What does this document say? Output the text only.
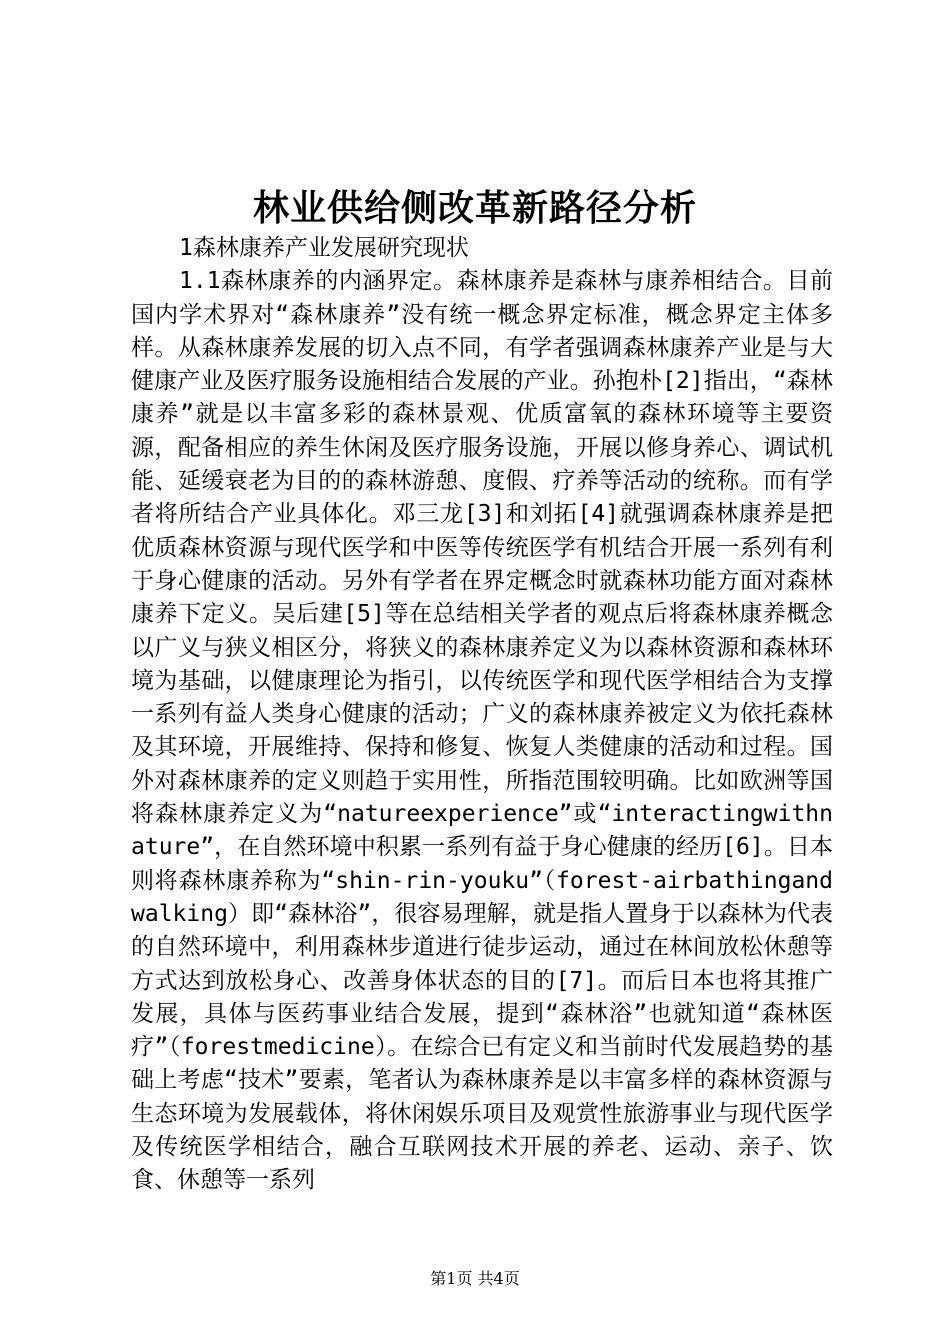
林业供给侧改革新路径分析

1森林康养产业发展研究现状

1.1森林康养的内涵界定。森林康养是森林与康养相结合。目前国内学术界对“森林康养”没有统一概念界定标准，概念界定主体多样。从森林康养发展的切入点不同，有学者强调森林康养产业是与大健康产业及医疗服务设施相结合发展的产业。孙抱朴[2]指出，“森林康养”就是以丰富多彩的森林景观、优质富氧的森林环境等主要资源，配备相应的养生休闲及医疗服务设施，开展以修身养心、调试机能、延缓衰老为目的的森林游憩、度假、疗养等活动的统称。而有学者将所结合产业具体化。邓三龙[3]和刘拓[4]就强调森林康养是把优质森林资源与现代医学和中医等传统医学有机结合开展一系列有利于身心健康的活动。另外有学者在界定概念时就森林功能方面对森林康养下定义。吴后建[5]等在总结相关学者的观点后将森林康养概念以广义与狭义相区分，将狭义的森林康养定义为以森林资源和森林环境为基础，以健康理论为指引，以传统医学和现代医学相结合为支撑一系列有益人类身心健康的活动；广义的森林康养被定义为依托森林及其环境，开展维持、保持和修复、恢复人类健康的活动和过程。国外对森林康养的定义则趋于实用性，所指范围较明确。比如欧洲等国将森林康养定义为“natureexperience”或“interactingwithnature”，在自然环境中积累一系列有益于身心健康的经历[6]。日本则将森林康养称为“shin-rin-youku”（forest-airbathingandwalking）即“森林浴”，很容易理解，就是指人置身于以森林为代表的自然环境中，利用森林步道进行徒步运动，通过在林间放松休憩等方式达到放松身心、改善身体状态的目的[7]。而后日本也将其推广发展，具体与医药事业结合发展，提到“森林浴”也就知道“森林医疗”（forestmedicine）。在综合已有定义和当前时代发展趋势的基础上考虑“技术”要素，笔者认为森林康养是以丰富多样的森林资源与生态环境为发展载体，将休闲娱乐项目及观赏性旅游事业与现代医学及传统医学相结合，融合互联网技术开展的养老、运动、亲子、饮食、休憩等一系列

第1页 共4页
